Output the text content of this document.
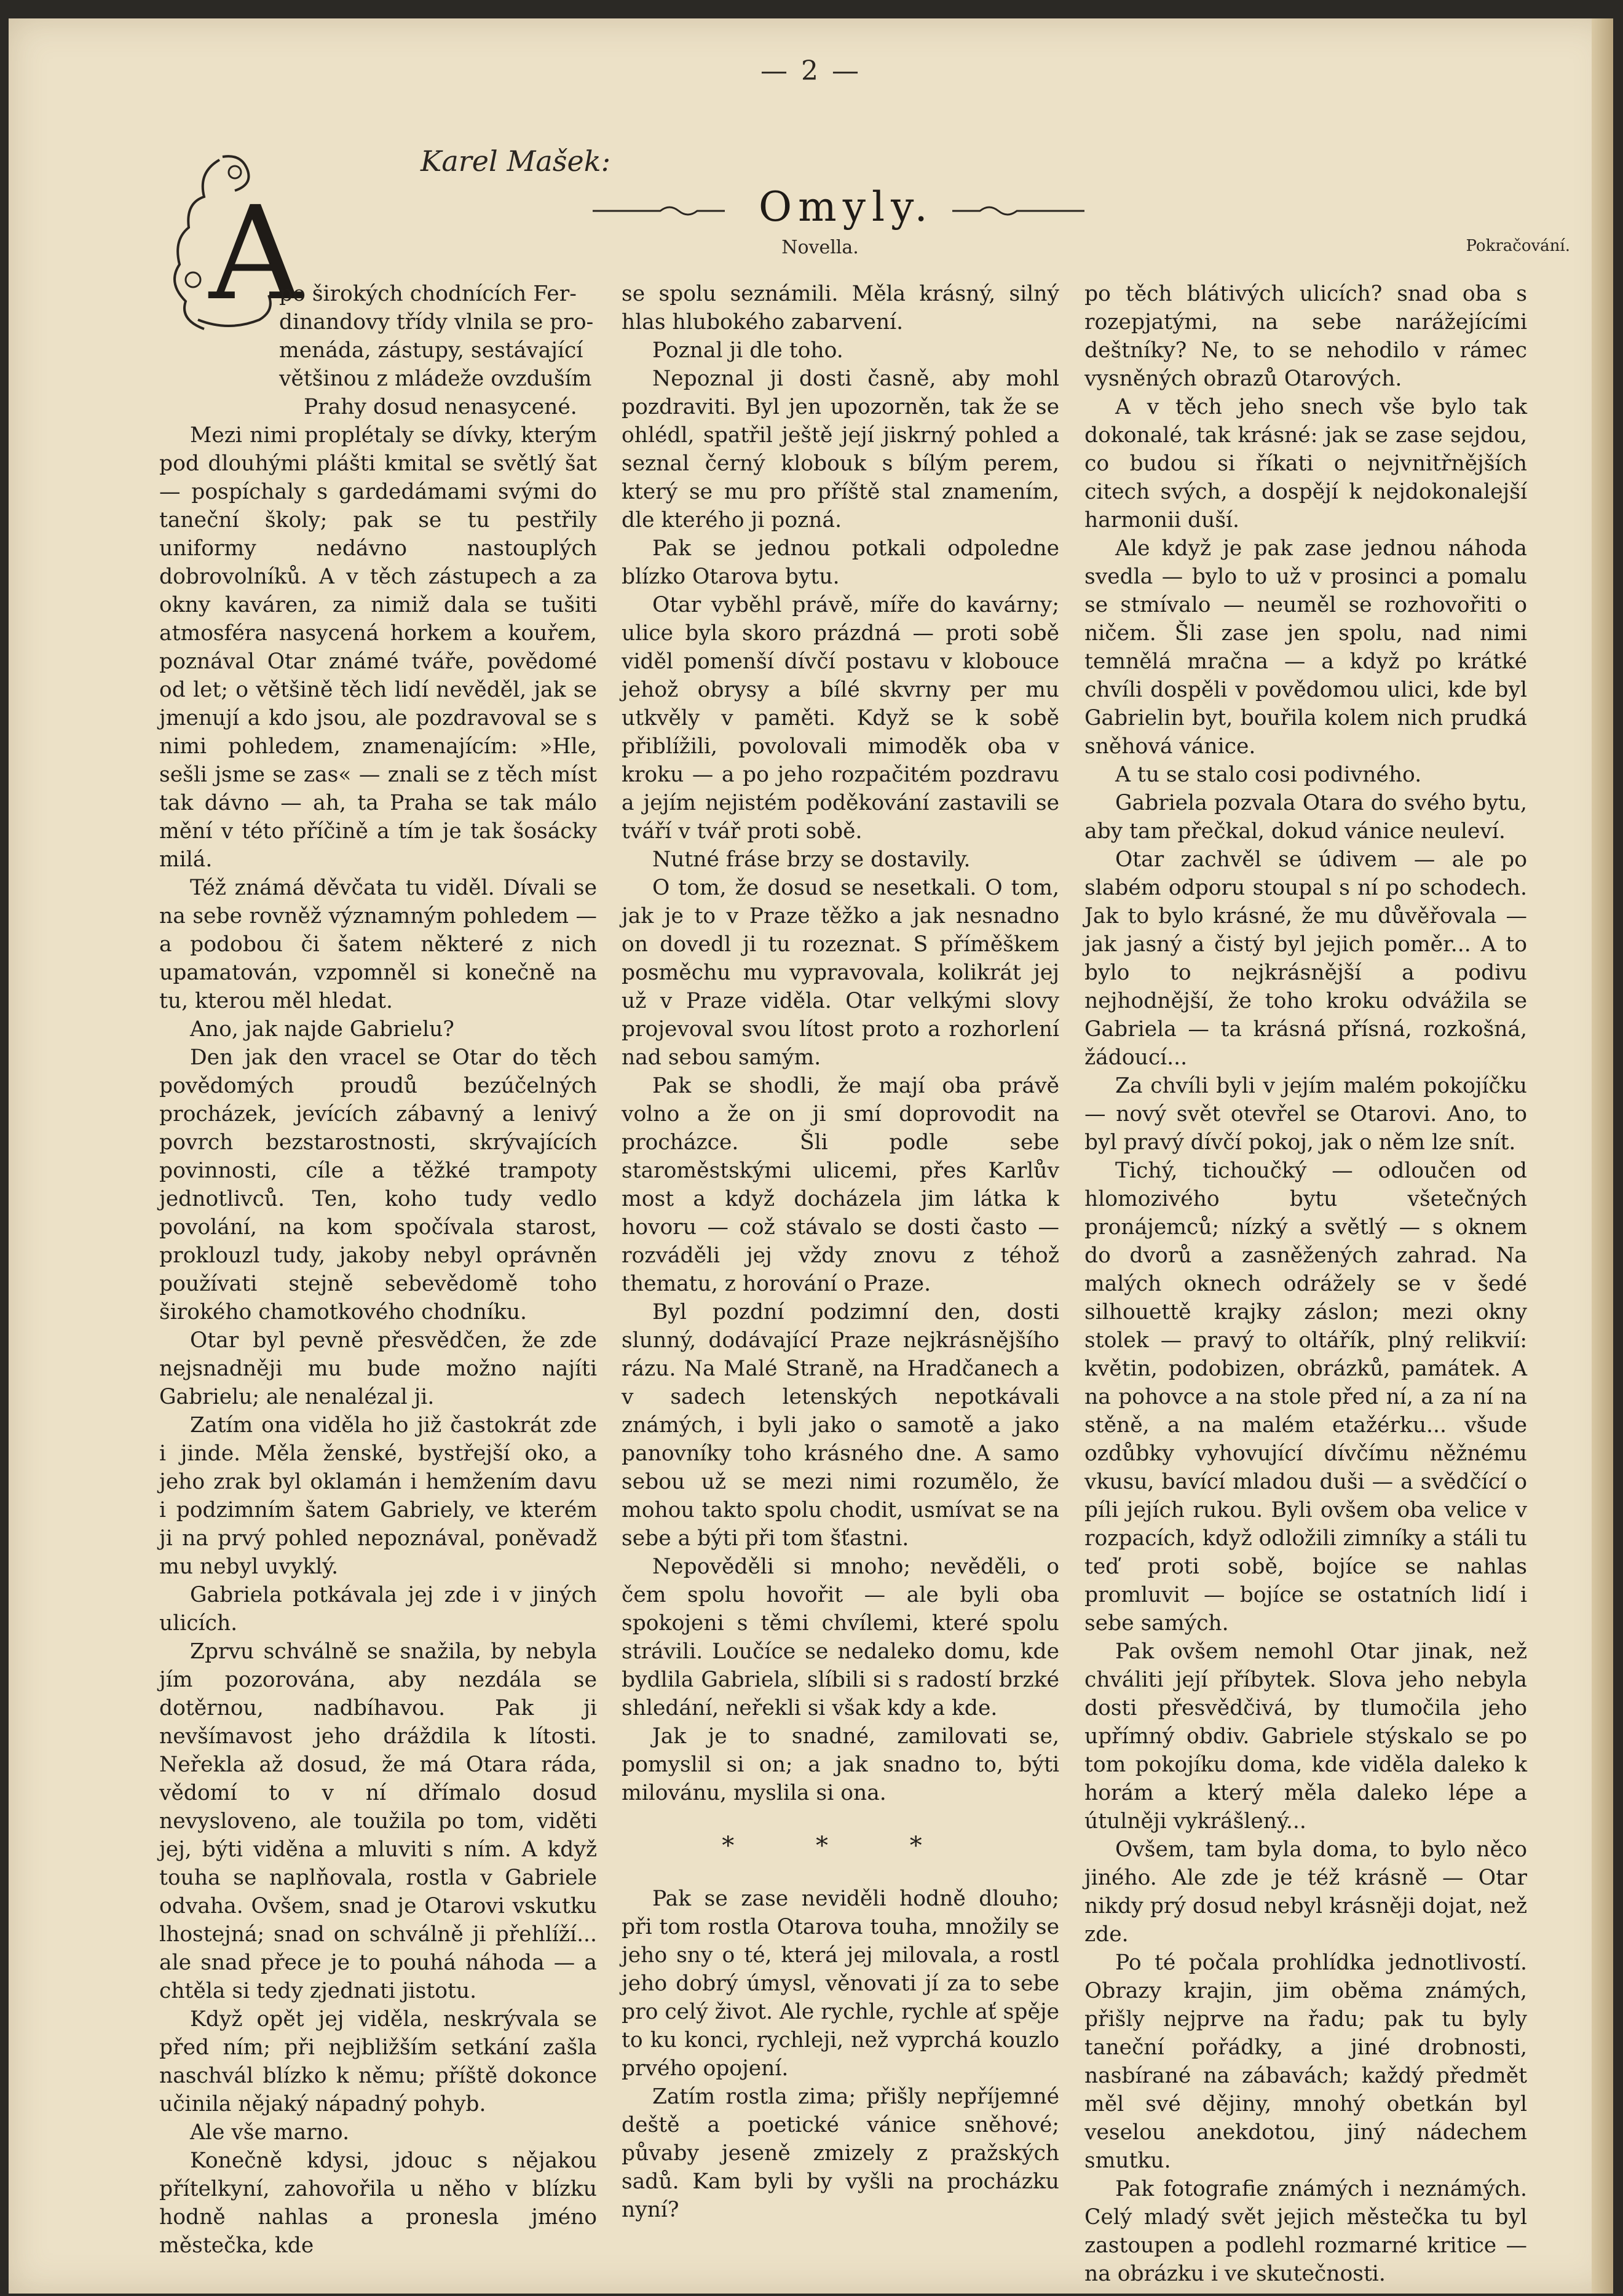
— 2 —
Karel Mašek:
Omyly.
Novella.	Pokračování.
A

po širokých chodnících Fer-

dinandovy třídy vlnila se pro-

menáda, zástupy, sestávající

většinou z mládeže ovzduším

Prahy dosud nenasycené.

Mezi nimi proplétaly se dívky, kterým pod dlouhými plášti kmital se světlý šat — pospíchaly s gardedámami svými do taneční školy; pak se tu pestřily uniformy nedávno nastouplých dobrovolníků. A v těch zástupech a za okny kaváren, za nimiž dala se tušiti atmosféra nasycená horkem a kouřem, poznával Otar známé tváře, povědomé od let; o většině těch lidí nevěděl, jak se jmenují a kdo jsou, ale pozdravoval se s nimi pohledem, znamenajícím: »Hle, sešli jsme se zas« — znali se z těch míst tak dávno — ah, ta Praha se tak málo mění v této příčině a tím je tak šosácky milá.

Též známá děvčata tu viděl. Dívali se na sebe rovněž významným pohledem — a podobou či šatem některé z nich upamatován, vzpomněl si konečně na tu, kterou měl hledat.

Ano, jak najde Gabrielu?

Den jak den vracel se Otar do těch povědomých proudů bezúčelných procházek, jevících zábavný a lenivý povrch bezstarostnosti, skrývajících povinnosti, cíle a těžké trampoty jednotlivců. Ten, koho tudy vedlo povolání, na kom spočívala starost, proklouzl tudy, jakoby nebyl oprávněn používati stejně sebevědomě toho širokého chamotkového chodníku.

Otar byl pevně přesvědčen, že zde nejsnadněji mu bude možno najíti Gabrielu; ale nenalézal ji.

Zatím ona viděla ho již častokrát zde i jinde. Měla ženské, bystřejší oko, a jeho zrak byl oklamán i hemžením davu i podzimním šatem Gabriely, ve kterém ji na prvý pohled nepoznával, poněvadž mu nebyl uvyklý.

Gabriela potkávala jej zde i v jiných ulicích.

Zprvu schválně se snažila, by nebyla jím pozorována, aby nezdála se dotěrnou, nadbíhavou. Pak ji nevšímavost jeho dráždila k lítosti. Neřekla až dosud, že má Otara ráda, vědomí to v ní dřímalo dosud nevysloveno, ale toužila po tom, viděti jej, býti viděna a mluviti s ním. A když touha se naplňovala, rostla v Gabriele odvaha. Ovšem, snad je Otarovi vskutku lhostejná; snad on schválně ji přehlíží... ale snad přece je to pouhá náhoda — a chtěla si tedy zjednati jistotu.

Když opět jej viděla, neskrývala se před ním; při nejbližším setkání zašla naschvál blízko k němu; příště dokonce učinila nějaký nápadný pohyb.

Ale vše marno.

Konečně kdysi, jdouc s nějakou přítelkyní, zahovořila u něho v blízku hodně nahlas a pronesla jméno městečka, kde

se spolu seznámili. Měla krásný, silný hlas hlubokého zabarvení.

Poznal ji dle toho.

Nepoznal ji dosti časně, aby mohl pozdraviti. Byl jen upozorněn, tak že se ohlédl, spatřil ještě její jiskrný pohled a seznal černý klobouk s bílým perem, který se mu pro příště stal znamením, dle kterého ji pozná.

Pak se jednou potkali odpoledne blízko Otarova bytu.

Otar vyběhl právě, míře do kavárny; ulice byla skoro prázdná — proti sobě viděl pomenší dívčí postavu v klobouce jehož obrysy a bílé skvrny per mu utkvěly v paměti. Když se k sobě přiblížili, povolovali mimoděk oba v kroku — a po jeho rozpačitém pozdravu a jejím nejistém poděkování zastavili se tváří v tvář proti sobě.

Nutné fráse brzy se dostavily.

O tom, že dosud se nesetkali. O tom, jak je to v Praze těžko a jak nesnadno on dovedl ji tu rozeznat. S příměškem posměchu mu vypravovala, kolikrát jej už v Praze viděla. Otar velkými slovy projevoval svou lítost proto a rozhorlení nad sebou samým.

Pak se shodli, že mají oba právě volno a že on ji smí doprovodit na procházce. Šli podle sebe staroměstskými ulicemi, přes Karlův most a když docházela jim látka k hovoru — což stávalo se dosti často — rozváděli jej vždy znovu z téhož thematu, z horování o Praze.

Byl pozdní podzimní den, dosti slunný, dodávající Praze nejkrásnějšího rázu. Na Malé Straně, na Hradčanech a v sadech letenských nepotkávali známých, i byli jako o samotě a jako panovníky toho krásného dne. A samo sebou už se mezi nimi rozumělo, že mohou takto spolu chodit, usmívat se na sebe a býti při tom šťastni.

Nepověděli si mnoho; nevěděli, o čem spolu hovořit — ale byli oba spokojeni s těmi chvílemi, které spolu strávili. Loučíce se nedaleko domu, kde bydlila Gabriela, slíbili si s radostí brzké shledání, neřekli si však kdy a kde.

Jak je to snadné, zamilovati se, pomyslil si on; a jak snadno to, býti milovánu, myslila si ona.

* * *

Pak se zase neviděli hodně dlouho; při tom rostla Otarova touha, množily se jeho sny o té, která jej milovala, a rostl jeho dobrý úmysl, věnovati jí za to sebe pro celý život. Ale rychle, rychle ať spěje to ku konci, rychleji, než vyprchá kouzlo prvého opojení.

Zatím rostla zima; přišly nepříjemné deště a poetické vánice sněhové; půvaby jeseně zmizely z pražských sadů. Kam byli by vyšli na procházku nyní?

po těch blátivých ulicích? snad oba s rozepjatými, na sebe narážejícími deštníky? Ne, to se nehodilo v rámec vysněných obrazů Otarových.

A v těch jeho snech vše bylo tak dokonalé, tak krásné: jak se zase sejdou, co budou si říkati o nejvnitřnějších citech svých, a dospějí k nejdokonalejší harmonii duší.

Ale když je pak zase jednou náhoda svedla — bylo to už v prosinci a pomalu se stmívalo — neuměl se rozhovořiti o ničem. Šli zase jen spolu, nad nimi temnělá mračna — a když po krátké chvíli dospěli v povědomou ulici, kde byl Gabrielin byt, bouřila kolem nich prudká sněhová vánice.

A tu se stalo cosi podivného.

Gabriela pozvala Otara do svého bytu, aby tam přečkal, dokud vánice neuleví.

Otar zachvěl se údivem — ale po slabém odporu stoupal s ní po schodech. Jak to bylo krásné, že mu důvěřovala — jak jasný a čistý byl jejich poměr... A to bylo to nejkrásnější a podivu nejhodnější, že toho kroku odvážila se Gabriela — ta krásná přísná, rozkošná, žádoucí...

Za chvíli byli v jejím malém pokojíčku — nový svět otevřel se Otarovi. Ano, to byl pravý dívčí pokoj, jak o něm lze snít.

Tichý, tichoučký — odloučen od hlomozivého bytu všetečných pronájemců; nízký a světlý — s oknem do dvorů a zasněžených zahrad. Na malých oknech odrážely se v šedé silhouettě krajky záslon; mezi okny stolek — pravý to oltářík, plný relikvií: květin, podobizen, obrázků, památek. A na pohovce a na stole před ní, a za ní na stěně, a na malém etažérku... všude ozdůbky vyhovující dívčímu něžnému vkusu, bavící mladou duši — a svědčící o píli jejích rukou. Byli ovšem oba velice v rozpacích, když odložili zimníky a stáli tu teď proti sobě, bojíce se nahlas promluvit — bojíce se ostatních lidí i sebe samých.

Pak ovšem nemohl Otar jinak, než chváliti její příbytek. Slova jeho nebyla dosti přesvědčivá, by tlumočila jeho upřímný obdiv. Gabriele stýskalo se po tom pokojíku doma, kde viděla daleko k horám a který měla daleko lépe a útulněji vykrášlený...

Ovšem, tam byla doma, to bylo něco jiného. Ale zde je též krásně — Otar nikdy prý dosud nebyl krásněji dojat, než zde.

Po té počala prohlídka jednotlivostí. Obrazy krajin, jim oběma známých, přišly nejprve na řadu; pak tu byly taneční pořádky, a jiné drobnosti, nasbírané na zábavách; každý předmět měl své dějiny, mnohý obetkán byl veselou anekdotou, jiný nádechem smutku.

Pak fotografie známých i neznámých. Celý mladý svět jejich městečka tu byl zastoupen a podlehl rozmarné kritice — na obrázku i ve skutečnosti.
